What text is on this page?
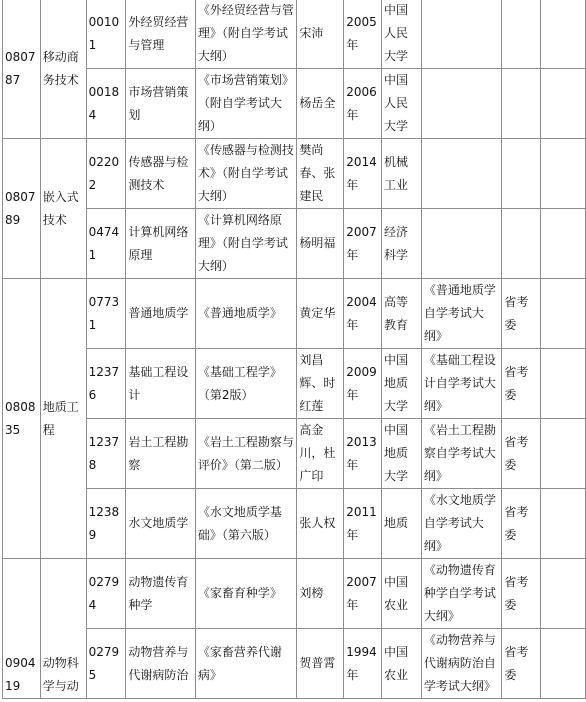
080787	移动商务技术	00101	外经贸经营与管理	《外经贸经营与管理》（附自学考试大纲）	宋沛	2005年	中国人民大学			
		00184	市场营销策划	《市场营销策划》（附自学考试大纲）	杨岳全	2006年	中国人民大学			
080789	嵌入式技术	02202	传感器与检测技术	《传感器与检测技术》（附自学考试大纲）	樊尚春、张建民	2014年	机械工业			
		04741	计算机网络原理	《计算机网络原理》（附自学考试大纲）	杨明福	2007年	经济科学			
080835	地质工程	07731	普通地质学	《普通地质学》	黄定华	2004年	高等教育	《普通地质学自学考试大纲》	省考委	
		12376	基础工程设计	《基础工程学》（第2版）	刘昌辉、时红莲	2009年	中国地质大学	《基础工程设计自学考试大纲》	省考委	
		12378	岩土工程勘察	《岩土工程勘察与评价》（第二版）	高金川，杜广印	2013年	中国地质大学	《岩土工程勘察自学考试大纲》	省考委	
		12389	水文地质学	《水文地质学基础》（第六版）	张人权	2011年	地质	《水文地质学自学考试大纲》	省考委	
090419	动物科学与动	02794	动物遗传育种学	《家畜育种学》	刘榜	2007年	中国农业	《动物遗传育种学自学考试大纲》	省考委	
		02795	动物营养与代谢病防治	《家畜营养代谢病》	贺普霄	1994年	中国农业	《动物营养与代谢病防治自学考试大纲》	省考委	
